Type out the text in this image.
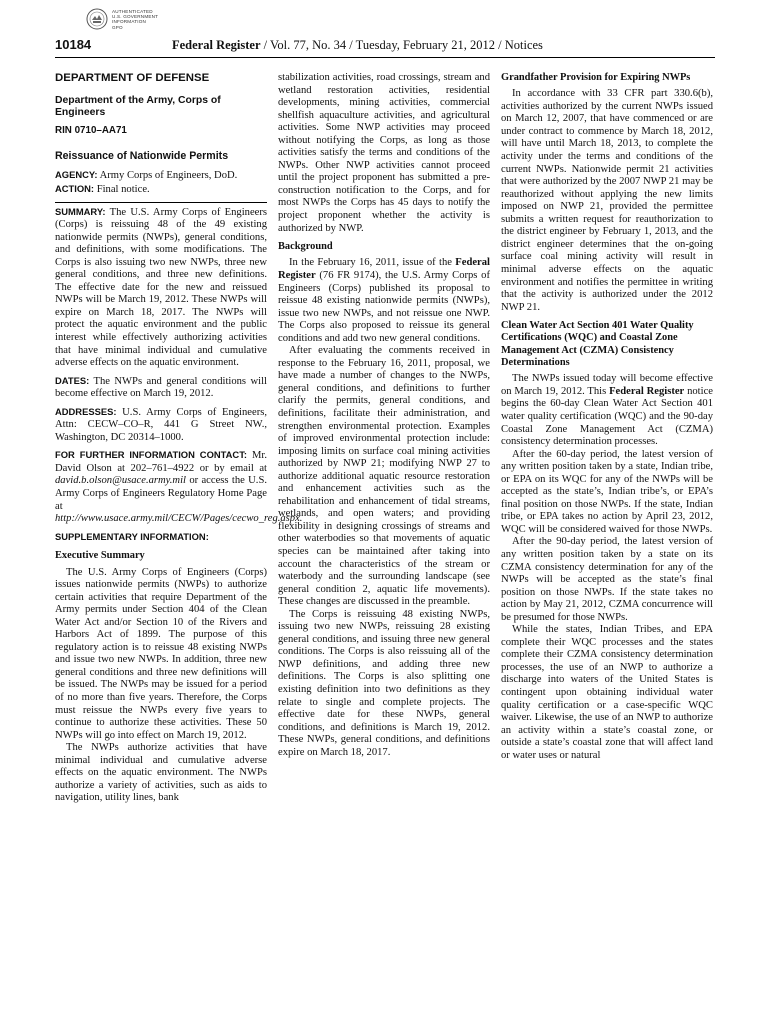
AUTHENTICATED
U.S. GOVERNMENT
INFORMATION
GPO
10184	Federal Register / Vol. 77, No. 34 / Tuesday, February 21, 2012 / Notices
DEPARTMENT OF DEFENSE
Department of the Army, Corps of Engineers
RIN 0710–AA71
Reissuance of Nationwide Permits

AGENCY: Army Corps of Engineers, DoD.

ACTION: Final notice.

SUMMARY: The U.S. Army Corps of Engineers (Corps) is reissuing 48 of the 49 existing nationwide permits (NWPs), general conditions, and definitions, with some modifications. The Corps is also issuing two new NWPs, three new general conditions, and three new definitions. The effective date for the new and reissued NWPs will be March 19, 2012. These NWPs will expire on March 18, 2017. The NWPs will protect the aquatic environment and the public interest while effectively authorizing activities that have minimal individual and cumulative adverse effects on the aquatic environment.

DATES: The NWPs and general conditions will become effective on March 19, 2012.

ADDRESSES: U.S. Army Corps of Engineers, Attn: CECW–CO–R, 441 G Street NW., Washington, DC 20314–1000.

FOR FURTHER INFORMATION CONTACT: Mr. David Olson at 202–761–4922 or by email at david.b.olson@usace.army.mil or access the U.S. Army Corps of Engineers Regulatory Home Page at http://www.usace.army.mil/CECW/Pages/cecwo_reg.aspx.

SUPPLEMENTARY INFORMATION:

Executive Summary

The U.S. Army Corps of Engineers (Corps) issues nationwide permits (NWPs) to authorize certain activities that require Department of the Army permits under Section 404 of the Clean Water Act and/or Section 10 of the Rivers and Harbors Act of 1899. The purpose of this regulatory action is to reissue 48 existing NWPs and issue two new NWPs. In addition, three new general conditions and three new definitions will be issued. The NWPs may be issued for a period of no more than five years. Therefore, the Corps must reissue the NWPs every five years to continue to authorize these activities. These 50 NWPs will go into effect on March 19, 2012.

The NWPs authorize activities that have minimal individual and cumulative adverse effects on the aquatic environment. The NWPs authorize a variety of activities, such as aids to navigation, utility lines, bank

stabilization activities, road crossings, stream and wetland restoration activities, residential developments, mining activities, commercial shellfish aquaculture activities, and agricultural activities. Some NWP activities may proceed without notifying the Corps, as long as those activities satisfy the terms and conditions of the NWPs. Other NWP activities cannot proceed until the project proponent has submitted a pre-construction notification to the Corps, and for most NWPs the Corps has 45 days to notify the project proponent whether the activity is authorized by NWP.

Background

In the February 16, 2011, issue of the Federal Register (76 FR 9174), the U.S. Army Corps of Engineers (Corps) published its proposal to reissue 48 existing nationwide permits (NWPs), issue two new NWPs, and not reissue one NWP. The Corps also proposed to reissue its general conditions and add two new general conditions.

After evaluating the comments received in response to the February 16, 2011, proposal, we have made a number of changes to the NWPs, general conditions, and definitions to further clarify the permits, general conditions, and definitions, facilitate their administration, and strengthen environmental protection. Examples of improved environmental protection include: imposing limits on surface coal mining activities authorized by NWP 21; modifying NWP 27 to authorize additional aquatic resource restoration and enhancement activities such as the rehabilitation and enhancement of tidal streams, wetlands, and open waters; and providing flexibility in designing crossings of streams and other waterbodies so that movements of aquatic species can be maintained after taking into account the characteristics of the stream or waterbody and the surrounding landscape (see general condition 2, aquatic life movements). These changes are discussed in the preamble.

The Corps is reissuing 48 existing NWPs, issuing two new NWPs, reissuing 28 existing general conditions, and issuing three new general conditions. The Corps is also reissuing all of the NWP definitions, and adding three new definitions. The Corps is also splitting one existing definition into two definitions as they relate to single and complete projects. The effective date for these NWPs, general conditions, and definitions is March 19, 2012. These NWPs, general conditions, and definitions expire on March 18, 2017.

Grandfather Provision for Expiring NWPs

In accordance with 33 CFR part 330.6(b), activities authorized by the current NWPs issued on March 12, 2007, that have commenced or are under contract to commence by March 18, 2012, will have until March 18, 2013, to complete the activity under the terms and conditions of the current NWPs. Nationwide permit 21 activities that were authorized by the 2007 NWP 21 may be reauthorized without applying the new limits imposed on NWP 21, provided the permittee submits a written request for reauthorization to the district engineer by February 1, 2013, and the district engineer determines that the on-going surface coal mining activity will result in minimal adverse effects on the aquatic environment and notifies the permittee in writing that the activity is authorized under the 2012 NWP 21.

Clean Water Act Section 401 Water Quality Certifications (WQC) and Coastal Zone Management Act (CZMA) Consistency Determinations

The NWPs issued today will become effective on March 19, 2012. This Federal Register notice begins the 60-day Clean Water Act Section 401 water quality certification (WQC) and the 90-day Coastal Zone Management Act (CZMA) consistency determination processes.

After the 60-day period, the latest version of any written position taken by a state, Indian tribe, or EPA on its WQC for any of the NWPs will be accepted as the state’s, Indian tribe’s, or EPA’s final position on those NWPs. If the state, Indian tribe, or EPA takes no action by April 23, 2012, WQC will be considered waived for those NWPs.

After the 90-day period, the latest version of any written position taken by a state on its CZMA consistency determination for any of the NWPs will be accepted as the state’s final position on those NWPs. If the state takes no action by May 21, 2012, CZMA concurrence will be presumed for those NWPs.

While the states, Indian Tribes, and EPA complete their WQC processes and the states complete their CZMA consistency determination processes, the use of an NWP to authorize a discharge into waters of the United States is contingent upon obtaining individual water quality certification or a case-specific WQC waiver. Likewise, the use of an NWP to authorize an activity within a state’s coastal zone, or outside a state’s coastal zone that will affect land or water uses or natural
